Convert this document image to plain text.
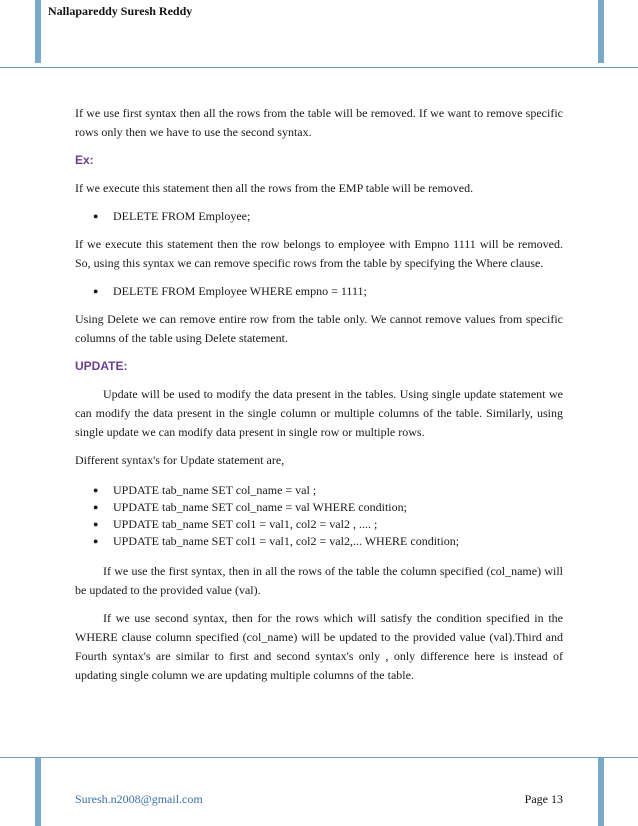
Nallapareddy Suresh Reddy

If we use first syntax then all the rows from the table will be removed. If we want to remove specific rows only then we have to use the second syntax.

Ex:

If we execute this statement then all the rows from the EMP table will be removed.

● DELETE FROM Employee;

If we execute this statement then the row belongs to employee with Empno 1111 will be removed. So, using this syntax we can remove specific rows from the table by specifying the Where clause.

● DELETE FROM Employee WHERE empno = 1111;

Using Delete we can remove entire row from the table only. We cannot remove values from specific columns of the table using Delete statement.

UPDATE:

Update will be used to modify the data present in the tables. Using single update statement we can modify the data present in the single column or multiple columns of the table. Similarly, using single update we can modify data present in single row or multiple rows.

Different syntax's for Update statement are,

● UPDATE tab_name SET col_name = val ;
● UPDATE tab_name SET col_name = val WHERE condition;
● UPDATE tab_name SET col1 = val1, col2 = val2 , .... ;
● UPDATE tab_name SET col1 = val1, col2 = val2,... WHERE condition;

If we use the first syntax, then in all the rows of the table the column specified (col_name) will be updated to the provided value (val).

If we use second syntax, then for the rows which will satisfy the condition specified in the WHERE clause column specified (col_name) will be updated to the provided value (val).Third and Fourth syntax's are similar to first and second syntax's only , only difference here is instead of updating single column we are updating multiple columns of the table.

Suresh.n2008@gmail.com	Page 13
